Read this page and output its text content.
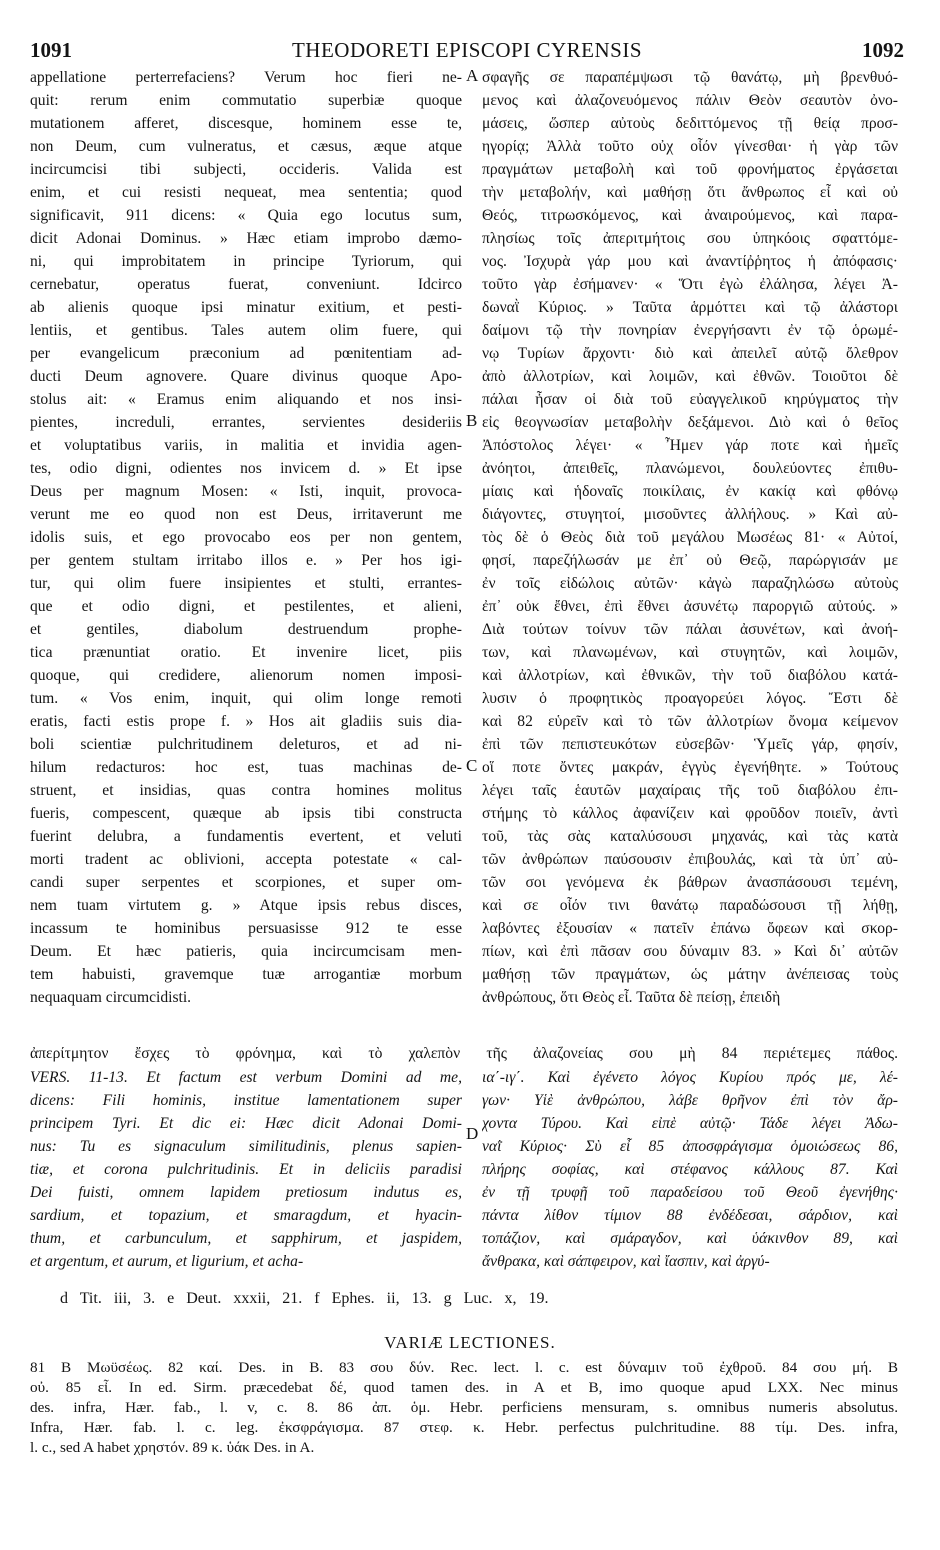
1091	THEODORETI EPISCOPI CYRENSIS	1092
appellatione perterrefaciens? Verum hoc fieri ne-
quit: rerum enim commutatio superbiæ quoque
mutationem afferet, discesque, hominem esse te,
non Deum, cum vulneratus, et cæsus, æque atque
incircumcisi tibi subjecti, occideris. Valida est
enim, et cui resisti nequeat, mea sententia; quod
significavit, 911 dicens: « Quia ego locutus sum,
dicit Adonai Dominus. » Hæc etiam improbo dæmo-
ni, qui improbitatem in principe Tyriorum, qui
cernebatur, operatus fuerat, conveniunt. Idcirco
ab alienis quoque ipsi minatur exitium, et pesti-
lentiis, et gentibus. Tales autem olim fuere, qui
per evangelicum præconium ad pœnitentiam ad-
ducti Deum agnovere. Quare divinus quoque Apo-
stolus ait: « Eramus enim aliquando et nos insi-
pientes, increduli, errantes, servientes desideriis
et voluptatibus variis, in malitia et invidia agen-
tes, odio digni, odientes nos invicem d. » Et ipse
Deus per magnum Mosen: « Isti, inquit, provoca-
verunt me eo quod non est Deus, irritaverunt me
idolis suis, et ego provocabo eos per non gentem,
per gentem stultam irritabo illos e. » Per hos igi-
tur, qui olim fuere insipientes et stulti, errantes-
que et odio digni, et pestilentes, et alieni,
et gentiles, diabolum destruendum prophe-
tica prænuntiat oratio. Et invenire licet, piis
quoque, qui credidere, alienorum nomen imposi-
tum. « Vos enim, inquit, qui olim longe remoti
eratis, facti estis prope f. » Hos ait gladiis suis dia-
boli scientiæ pulchritudinem deleturos, et ad ni-
hilum redacturos: hoc est, tuas machinas de-
struent, et insidias, quas contra homines molitus
fueris, compescent, quæque ab ipsis tibi constructa
fuerint delubra, a fundamentis evertent, et veluti
morti tradent ac oblivioni, accepta potestate « cal-
candi super serpentes et scorpiones, et super om-
nem tuam virtutem g. » Atque ipsis rebus disces,
incassum te hominibus persuasisse 912 te esse
Deum. Et hæc patieris, quia incircumcisam men-
tem habuisti, gravemque tuæ arrogantiæ morbum
nequaquam circumcidisti.
σφαγῆς σε παραπέμψωσι τῷ θανάτῳ, μὴ βρενθυό-
μενος καὶ ἀλαζονευόμενος πάλιν Θεὸν σεαυτὸν ὀνο-
μάσεις, ὥσπερ αὐτοὺς δεδιττόμενος τῇ θείᾳ προσ-
ηγορίᾳ; Ἀλλὰ τοῦτο οὐχ οἷόν γίνεσθαι· ἡ γὰρ τῶν
πραγμάτων μεταβολὴ καὶ τοῦ φρονήματος ἐργάσεται
τὴν μεταβολήν, καὶ μαθήσῃ ὅτι ἄνθρωπος εἶ καὶ οὐ
Θεός, τιτρωσκόμενος, καὶ ἀναιρούμενος, καὶ παρα-
πλησίως τοῖς ἀπεριτμήτοις σου ὑπηκόοις σφαττόμε-
νος. Ἰσχυρὰ γάρ μου καὶ ἀναντίῤῥητος ἡ ἀπόφασις·
τοῦτο γὰρ ἐσήμανεν· « Ὅτι ἐγὼ ἐλάλησα, λέγει Ἀ-
δωναῒ Κύριος. » Ταῦτα ἁρμόττει καὶ τῷ ἀλάστορι
δαίμονι τῷ τὴν πονηρίαν ἐνεργήσαντι ἐν τῷ ὁρωμέ-
νῳ Τυρίων ἄρχοντι· διὸ καὶ ἀπειλεῖ αὐτῷ ὄλεθρον
ἀπὸ ἀλλοτρίων, καὶ λοιμῶν, καὶ ἐθνῶν. Τοιοῦτοι δὲ
πάλαι ἦσαν οἱ διὰ τοῦ εὐαγγελικοῦ κηρύγματος τὴν
εἰς θεογνωσίαν μεταβολὴν δεξάμενοι. Διὸ καὶ ὁ θεῖος
Ἀπόστολος λέγει· « Ἦμεν γάρ ποτε καὶ ἡμεῖς
ἀνόητοι, ἀπειθεῖς, πλανώμενοι, δουλεύοντες ἐπιθυ-
μίαις καὶ ἡδοναῖς ποικίλαις, ἐν κακίᾳ καὶ φθόνῳ
διάγοντες, στυγητοί, μισοῦντες ἀλλήλους. » Καὶ αὐ-
τὸς δὲ ὁ Θεὸς διὰ τοῦ μεγάλου Μωσέως 81· « Αὐτοί,
φησί, παρεζήλωσάν με ἐπ᾽ οὐ Θεῷ, παρώργισάν με
ἐν τοῖς εἰδώλοις αὐτῶν· κἀγὼ παραζηλώσω αὐτοὺς
ἐπ᾽ οὐκ ἔθνει, ἐπὶ ἔθνει ἀσυνέτῳ παροργιῶ αὐτούς. »
Διὰ τούτων τοίνυν τῶν πάλαι ἀσυνέτων, καὶ ἀνοή-
των, καὶ πλανωμένων, καὶ στυγητῶν, καὶ λοιμῶν,
καὶ ἀλλοτρίων, καὶ ἐθνικῶν, τὴν τοῦ διαβόλου κατά-
λυσιν ὁ προφητικὸς προαγορεύει λόγος. Ἔστι δὲ
καὶ 82 εὑρεῖν καὶ τὸ τῶν ἀλλοτρίων ὄνομα κείμενον
ἐπὶ τῶν πεπιστευκότων εὐσεβῶν· Ὑμεῖς γάρ, φησίν,
οἵ ποτε ὄντες μακράν, ἐγγὺς ἐγενήθητε. » Τούτους
λέγει ταῖς ἑαυτῶν μαχαίραις τῆς τοῦ διαβόλου ἐπι-
στήμης τὸ κάλλος ἀφανίζειν καὶ φροῦδον ποιεῖν, ἀντὶ
τοῦ, τὰς σὰς καταλύσουσι μηχανάς, καὶ τὰς κατὰ
τῶν ἀνθρώπων παύσουσιν ἐπιβουλάς, καὶ τὰ ὑπ᾽ αὐ-
τῶν σοι γενόμενα ἐκ βάθρων ἀνασπάσουσι τεμένη,
καὶ σε οἷόν τινι θανάτῳ παραδώσουσι τῇ λήθῃ,
λαβόντες ἐξουσίαν « πατεῖν ἐπάνω ὄφεων καὶ σκορ-
πίων, καὶ ἐπὶ πᾶσαν σου δύναμιν 83. » Καὶ δι᾽ αὐτῶν
μαθήσῃ τῶν πραγμάτων, ὡς μάτην ἀνέπεισας τοὺς
ἀνθρώπους, ὅτι Θεὸς εἶ. Ταῦτα δὲ πείσῃ, ἐπειδὴ
A
B
C
D
ἀπερίτμητον ἔσχες τὸ φρόνημα, καὶ τὸ χαλεπὸν τῆς ἀλαζονείας σου μὴ 84 περιέτεμες πάθος.
VERS. 11-13. Et factum est verbum Domini ad me,
dicens: Fili hominis, institue lamentationem super
principem Tyri. Et dic ei: Hæc dicit Adonai Domi-
nus: Tu es signaculum similitudinis, plenus sapien-
tiæ, et corona pulchritudinis. Et in deliciis paradisi
Dei fuisti, omnem lapidem pretiosum indutus es,
sardium, et topazium, et smaragdum, et hyacin-
thum, et carbunculum, et sapphirum, et jaspidem,
et argentum, et aurum, et ligurium, et acha-
ια΄-ιγ΄. Καὶ ἐγένετο λόγος Κυρίου πρός με, λέ-
γων· Υἱὲ ἀνθρώπου, λάβε θρῆνον ἐπὶ τὸν ἄρ-
χοντα Τύρου. Καὶ εἰπὲ αὐτῷ· Τάδε λέγει Ἀδω-
ναῒ Κύριος· Σὺ εἶ 85 ἀποσφράγισμα ὁμοιώσεως 86,
πλήρης σοφίας, καὶ στέφανος κάλλους 87. Καὶ
ἐν τῇ τρυφῇ τοῦ παραδείσου τοῦ Θεοῦ ἐγενήθης·
πάντα λίθον τίμιον 88 ἐνδέδεσαι, σάρδιον, καὶ
τοπάζιον, καὶ σμάραγδον, καὶ ὑάκινθον 89, καὶ
ἄνθρακα, καὶ σάπφειρον, καὶ ἴασπιν, καὶ ἀργύ-
d Tit. iii, 3. e Deut. xxxii, 21. f Ephes. ii, 13. g Luc. x, 19.
VARIÆ LECTIONES.
81 B Μωϋσέως. 82 καί. Des. in B. 83 σου δύν. Rec. lect. l. c. est δύναμιν τοῦ ἐχθροῦ. 84 σου μή. B
οὐ. 85 εἶ. In ed. Sirm. præcedebat δέ, quod tamen des. in A et B, imo quoque apud LXX. Nec minus
des. infra, Hær. fab., l. v, c. 8. 86 ἀπ. ὁμ. Hebr. perficiens mensuram, s. omnibus numeris absolutus.
Infra, Hær. fab. l. c. leg. ἐκσφράγισμα. 87 στεφ. κ. Hebr. perfectus pulchritudine. 88 τίμ. Des. infra,
l. c., sed A habet χρηστόν. 89 κ. ὑάκ Des. in A.
